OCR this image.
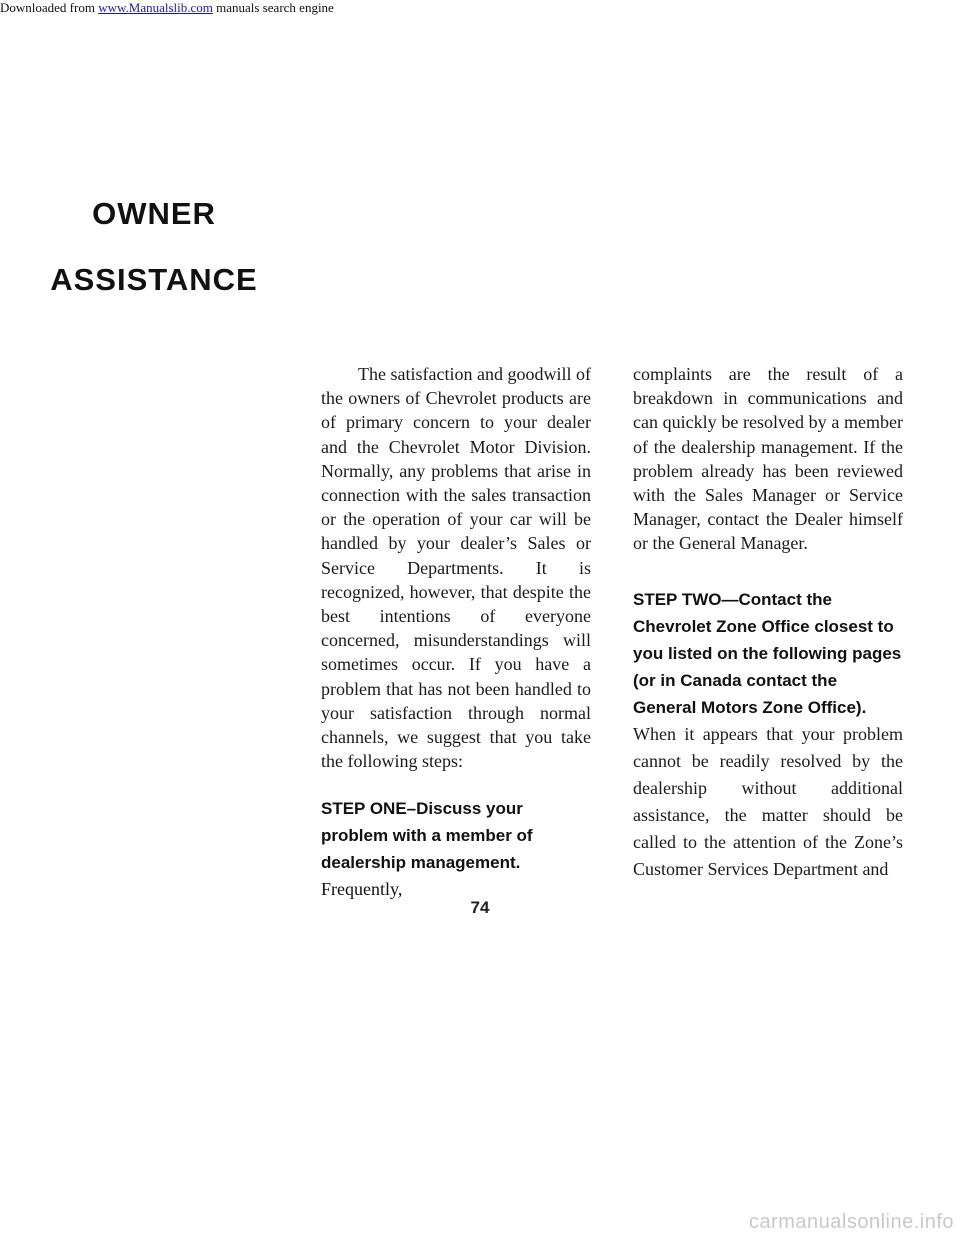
Downloaded from www.Manualslib.com manuals search engine
OWNER
ASSISTANCE

The satisfaction and goodwill of the owners of Chevrolet products are of primary concern to your dealer and the Chevrolet Motor Division. Normally, any problems that arise in connection with the sales transaction or the operation of your car will be handled by your dealer’s Sales or Service Departments. It is recognized, however, that despite the best intentions of everyone concerned, misunderstandings will sometimes occur. If you have a problem that has not been handled to your satisfaction through normal channels, we suggest that you take the following steps:

STEP ONE–Discuss your problem with a member of dealership management. Frequently,

complaints are the result of a breakdown in communications and can quickly be resolved by a member of the dealership management. If the problem already has been reviewed with the Sales Manager or Service Manager, contact the Dealer himself or the General Manager.

STEP TWO—Contact the Chevrolet Zone Office closest to you listed on the following pages (or in Canada contact the General Motors Zone Office).

When it appears that your problem cannot be readily resolved by the dealership without additional assistance, the matter should be called to the attention of the Zone’s Customer Services Department and

74
carmanualsonline.info
